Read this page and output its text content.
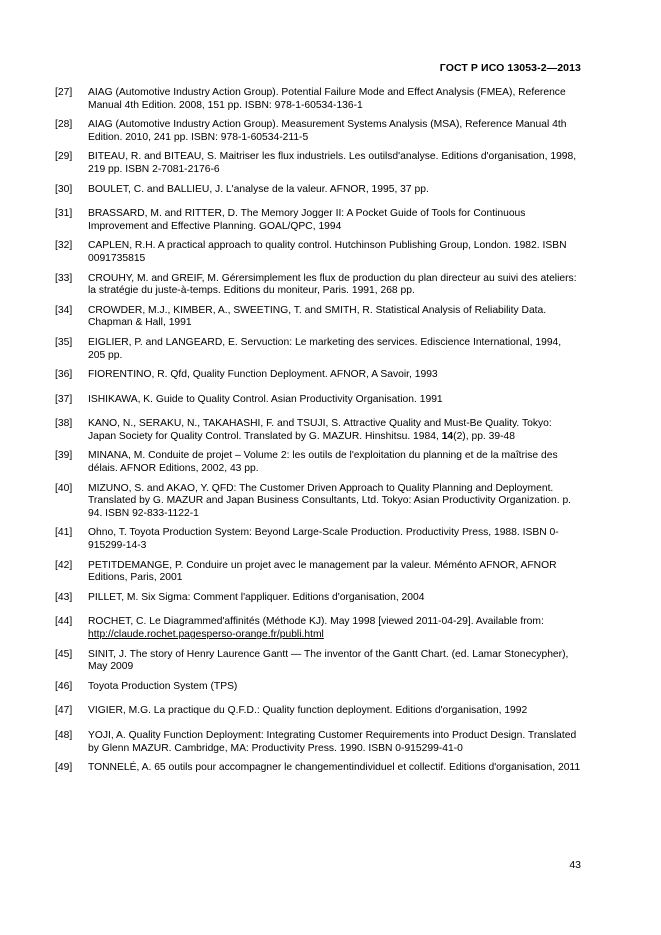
ГОСТ Р ИСО 13053-2—2013
[27]	AIAG (Automotive Industry Action Group). Potential Failure Mode and Effect Analysis (FMEA), Reference Manual 4th Edition. 2008, 151 pp. ISBN: 978-1-60534-136-1
[28]	AIAG (Automotive Industry Action Group). Measurement Systems Analysis (MSA), Reference Manual 4th Edition. 2010, 241 pp. ISBN: 978-1-60534-211-5
[29]	BITEAU, R. and BITEAU, S. Maitriser les flux industriels. Les outilsd'analyse. Editions d'organisation, 1998, 219 pp. ISBN 2-7081-2176-6
[30]	BOULET, C. and BALLIEU, J. L'analyse de la valeur. AFNOR, 1995, 37 pp.
[31]	BRASSARD, M. and RITTER, D. The Memory Jogger II: A Pocket Guide of Tools for Continuous Improvement and Effective Planning. GOAL/QPC, 1994
[32]	CAPLEN, R.H. A practical approach to quality control. Hutchinson Publishing Group, London. 1982. ISBN 0091735815
[33]	CROUHY, M. and GREIF, M. Gérersimplement les flux de production du plan directeur au suivi des ateliers: la stratégie du juste-à-temps. Editions du moniteur, Paris. 1991, 268 pp.
[34]	CROWDER, M.J., KIMBER, A., SWEETING, T. and SMITH, R. Statistical Analysis of Reliability Data. Chapman & Hall, 1991
[35]	EIGLIER, P. and LANGEARD, E. Servuction: Le marketing des services. Ediscience International, 1994, 205 pp.
[36]	FIORENTINO, R. Qfd, Quality Function Deployment. AFNOR, A Savoir, 1993
[37]	ISHIKAWA, K. Guide to Quality Control. Asian Productivity Organisation. 1991
[38]	KANO, N., SERAKU, N., TAKAHASHI, F. and TSUJI, S. Attractive Quality and Must-Be Quality. Tokyo: Japan Society for Quality Control. Translated by G. MAZUR. Hinshitsu. 1984, 14(2), pp. 39-48
[39]	MINANA, M. Conduite de projet – Volume 2: les outils de l'exploitation du planning et de la maîtrise des délais. AFNOR Editions, 2002, 43 pp.
[40]	MIZUNO, S. and AKAO, Y. QFD: The Customer Driven Approach to Quality Planning and Deployment. Translated by G. MAZUR and Japan Business Consultants, Ltd. Tokyo: Asian Productivity Organization. p. 94. ISBN 92-833-1122-1
[41]	Ohno, T. Toyota Production System: Beyond Large-Scale Production. Productivity Press, 1988. ISBN 0-915299-14-3
[42]	PETITDEMANGE, P. Conduire un projet avec le management par la valeur. Méménto AFNOR, AFNOR Editions, Paris, 2001
[43]	PILLET, M. Six Sigma: Comment l'appliquer. Editions d'organisation, 2004
[44]	ROCHET, C. Le Diagrammed'affinités (Méthode KJ). May 1998 [viewed 2011-04-29]. Available from: http://claude.rochet.pagesperso-orange.fr/publi.html
[45]	SINIT, J. The story of Henry Laurence Gantt — The inventor of the Gantt Chart. (ed. Lamar Stonecypher), May 2009
[46]	Toyota Production System (TPS)
[47]	VIGIER, M.G. La practique du Q.F.D.: Quality function deployment. Editions d'organisation, 1992
[48]	YOJI, A. Quality Function Deployment: Integrating Customer Requirements into Product Design. Translated by Glenn MAZUR. Cambridge, MA: Productivity Press. 1990. ISBN 0-915299-41-0
[49]	TONNELÉ, A. 65 outils pour accompagner le changementindividuel et collectif. Editions d'organisation, 2011
43
